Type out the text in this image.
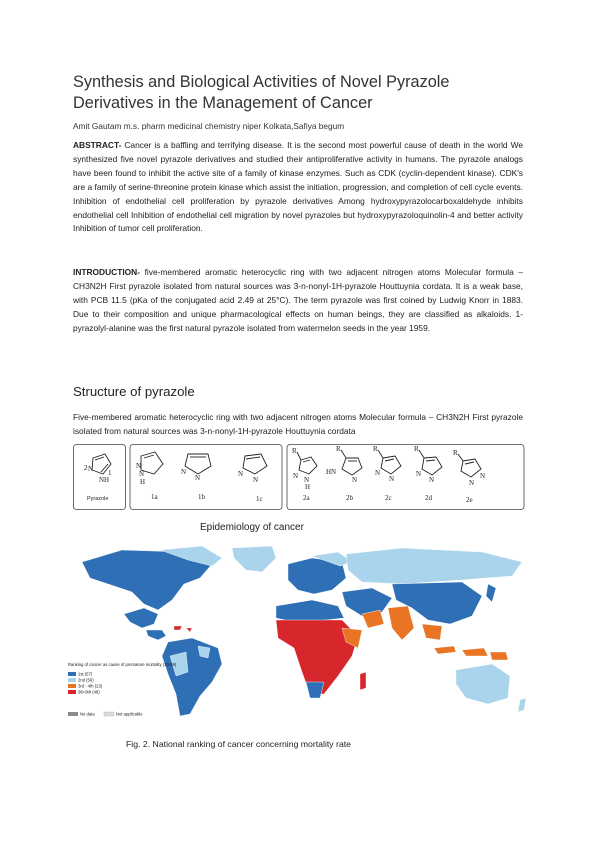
Synthesis and Biological Activities of Novel Pyrazole Derivatives in the Management of Cancer
Amit Gautam m.s. pharm medicinal chemistry niper Kolkata,Safiya begum

ABSTRACT- Cancer is a baffling and terrifying disease. It is the second most powerful cause of death in the world We synthesized five novel pyrazole derivatives and studied their antiproliferative activity in humans. The pyrazole analogs have been found to inhibit the active site of a family of kinase enzymes. Such as CDK (cyclin-dependent kinase). CDK's are a family of serine-threonine protein kinase which assist the initiation, progression, and completion of cell cycle events. Inhibition of endothelial cell proliferation by pyrazole derivatives Among hydroxypyrazolocarboxaldehyde inhibits endothelial cell Inhibition of endothelial cell migration by novel pyrazoles but hydroxypyrazoloquinolin-4 and better activity Inhibition of tumor cell proliferation.

INTRODUCTION- five-membered aromatic heterocyclic ring with two adjacent nitrogen atoms Molecular formula – CH3N2H First pyrazole isolated from natural sources was 3-n-nonyl-1H-pyrazole Houttuynia cordata. It is a weak base, with PCB 11.5 (pKa of the conjugated acid 2.49 at 25°C). The term pyrazole was first coined by Ludwig Knorr in 1883. Due to their composition and unique pharmacological effects on human beings, they are classified as alkaloids. 1-pyrazolyl-alanine was the first natural pyrazole isolated from watermelon seeds in the year 1959.

Structure of pyrazole

Five-membered aromatic heterocyclic ring with two adjacent nitrogen atoms Molecular formula – CH3N2H First pyrazole isolated from natural sources was 3-n-nonyl-1H-pyrazole Houttuynia cordata

2 N
NH
1
Pyrazole
N
N
H
1a
N
N
1b
N
N
1c
R
N N
H
2a
R
HN
N
2b
R
N
N
2c
R
N
N
2d
R
N
N
2e
Epidemiology of cancer
Ranking of cancer as cause of premature mortality (30-69)
1st (57)
2nd (56)
3rd - 4th (23)
5th-9th (48)
No data	Not applicable
Fig. 2. National ranking of cancer concerning mortality rate
